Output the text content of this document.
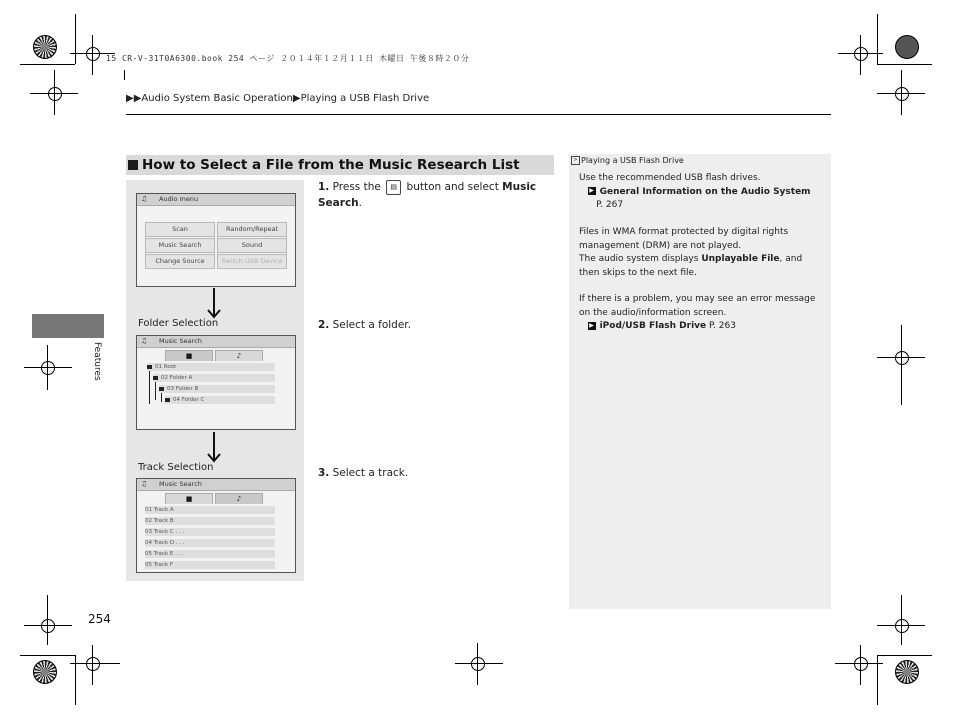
15 CR-V-31T0A6300.book 254 ページ ２０１４年１２月１１日 木曜日 午後８時２０分
▶▶Audio System Basic Operation▶Playing a USB Flash Drive
Features
How to Select a File from the Music Research List
♫ Audio menu
Scan	Random/Repeat
Music Search	Sound
Change Source	Switch USB Device
Folder Selection
♫ Music Search
■	♪
01 Root
02 Folder A
03 Folder B
04 Folder C
Track Selection
♫ Music Search
■	♪
01 Track A
02 Track B
03 Track C . . .
04 Track D . . .
05 Track E . . .
05 Track F
1. Press the ▤ button and select Music Search.
2. Select a folder.
3. Select a track.
> Playing a USB Flash Drive

Use the recommended USB flash drives.
▶ General Information on the Audio System
P. 267

Files in WMA format protected by digital rights management (DRM) are not played.
The audio system displays Unplayable File, and then skips to the next file.

If there is a problem, you may see an error message on the audio/information screen.
▶ iPod/USB Flash Drive P. 263

254
